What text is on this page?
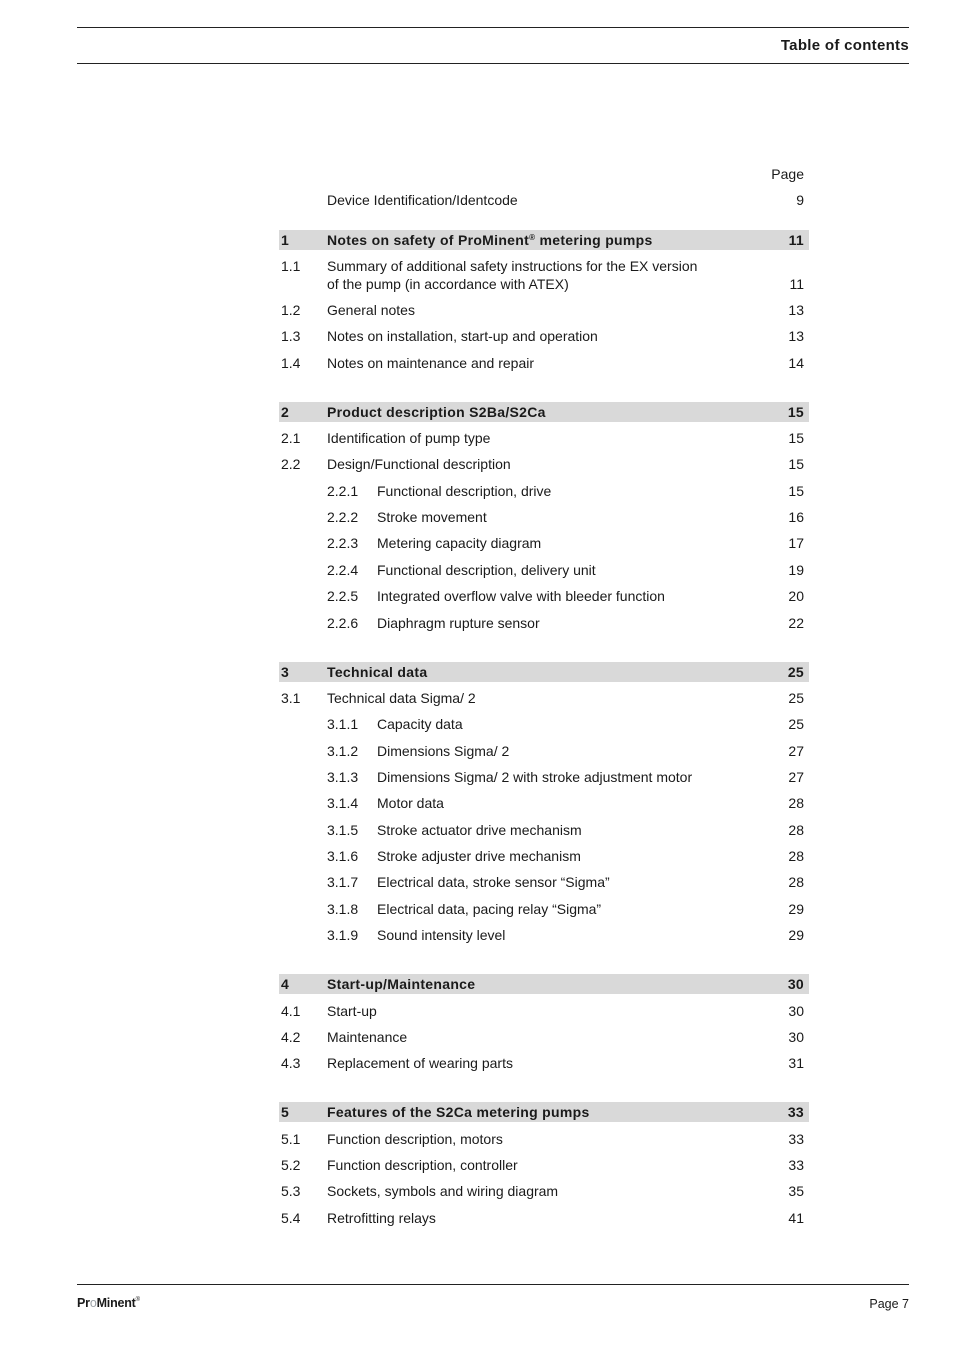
Table of contents
Page
Device Identification/Identcode	9
1	Notes on safety of ProMinent® metering pumps	11
1.1 Summary of additional safety instructions for the EX version
of the pump (in accordance with ATEX)	11
1.2 General notes	13
1.3 Notes on installation, start-up and operation	13
1.4 Notes on maintenance and repair	14
2	Product description S2Ba/S2Ca	15
2.1 Identification of pump type	15
2.2 Design/Functional description	15
2.2.1 Functional description, drive	15
2.2.2 Stroke movement	16
2.2.3 Metering capacity diagram	17
2.2.4 Functional description, delivery unit	19
2.2.5 Integrated overflow valve with bleeder function	20
2.2.6 Diaphragm rupture sensor	22
3	Technical data	25
3.1 Technical data Sigma/ 2	25
3.1.1 Capacity data	25
3.1.2 Dimensions Sigma/ 2	27
3.1.3 Dimensions Sigma/ 2 with stroke adjustment motor	27
3.1.4 Motor data	28
3.1.5 Stroke actuator drive mechanism	28
3.1.6 Stroke adjuster drive mechanism	28
3.1.7 Electrical data, stroke sensor “Sigma”	28
3.1.8 Electrical data, pacing relay “Sigma”	29
3.1.9 Sound intensity level	29
4	Start-up/Maintenance	30
4.1 Start-up	30
4.2 Maintenance	30
4.3 Replacement of wearing parts	31
5	Features of the S2Ca metering pumps	33
5.1 Function description, motors	33
5.2 Function description, controller	33
5.3 Sockets, symbols and wiring diagram	35
5.4 Retrofitting relays	41
ProMinent®	Page 7
